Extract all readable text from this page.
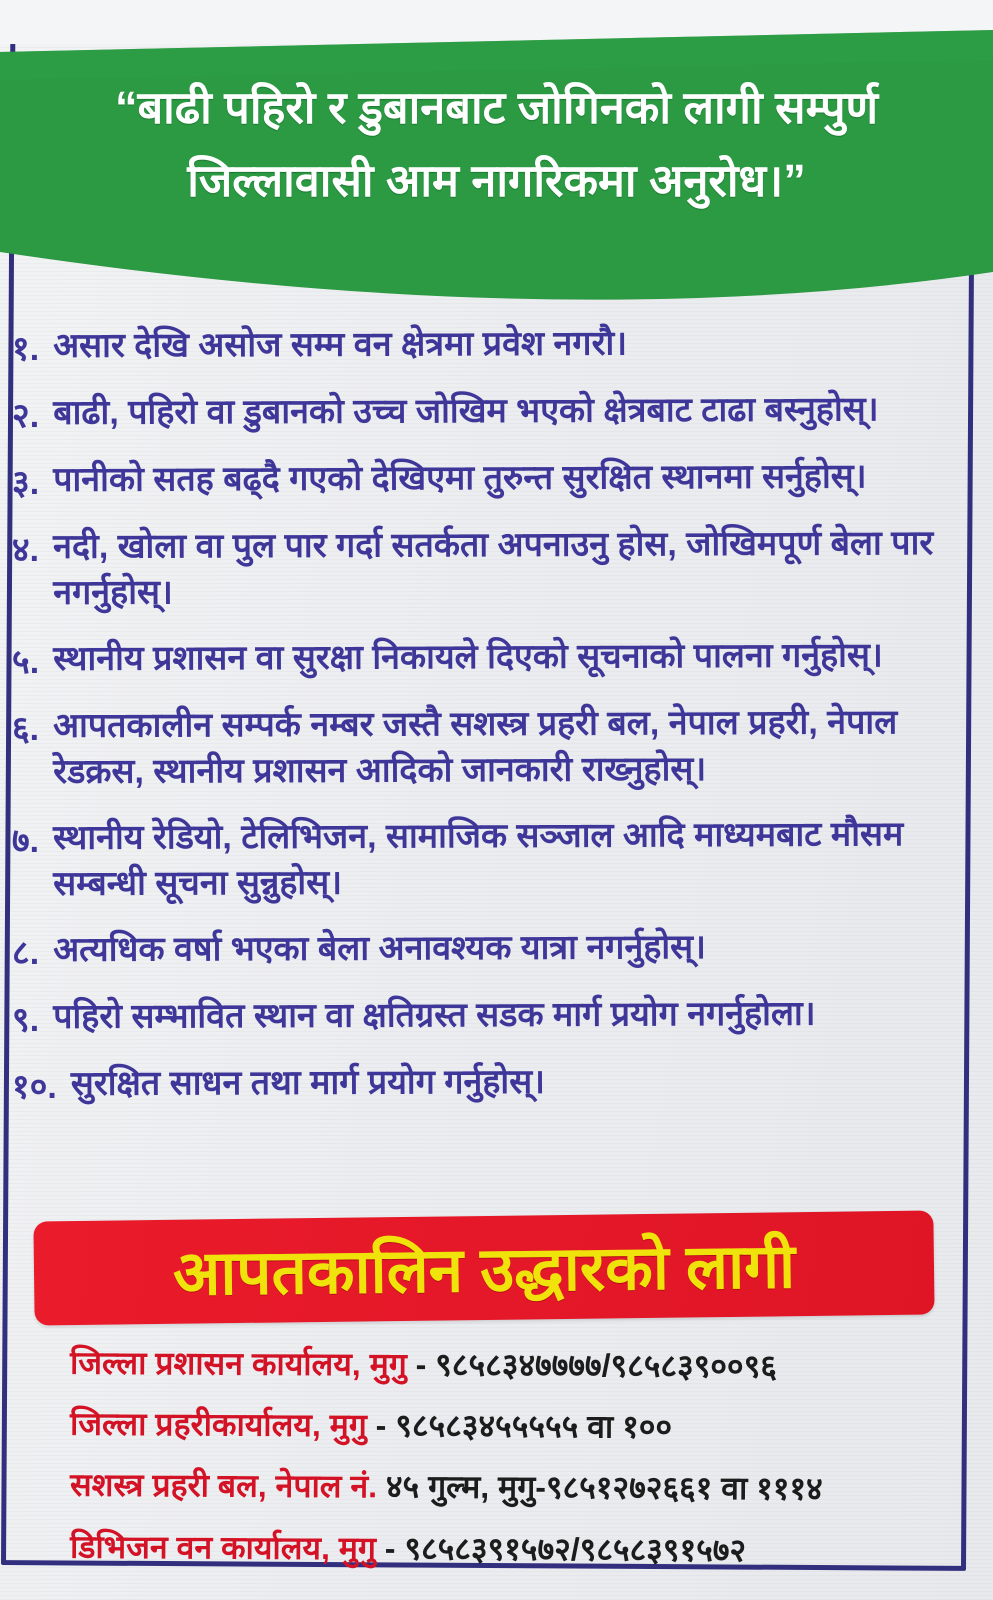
“बाढी पहिरो र डुबानबाट जोगिनको लागी सम्पुर्ण
जिल्लावासी आम नागरिकमा अनुरोध।”
१. असार देखि असोज सम्म वन क्षेत्रमा प्रवेश नगरौ।
२. बाढी, पहिरो वा डुबानको उच्च जोखिम भएको क्षेत्रबाट टाढा बस्नुहोस्।
३. पानीको सतह बढ्दै गएको देखिएमा तुरुन्त सुरक्षित स्थानमा सर्नुहोस्।
४. नदी, खोला वा पुल पार गर्दा सतर्कता अपनाउनु होस, जोखिमपूर्ण बेला पार नगर्नुहोस्।
५. स्थानीय प्रशासन वा सुरक्षा निकायले दिएको सूचनाको पालना गर्नुहोस्।
६. आपतकालीन सम्पर्क नम्बर जस्तै सशस्त्र प्रहरी बल, नेपाल प्रहरी, नेपाल रेडक्रस, स्थानीय प्रशासन आदिको जानकारी राख्नुहोस्।
७. स्थानीय रेडियो, टेलिभिजन, सामाजिक सञ्जाल आदि माध्यमबाट मौसम सम्बन्धी सूचना सुन्नुहोस्।
८. अत्यधिक वर्षा भएका बेला अनावश्यक यात्रा नगर्नुहोस्।
९. पहिरो सम्भावित स्थान वा क्षतिग्रस्त सडक मार्ग प्रयोग नगर्नुहोला।
१०. सुरक्षित साधन तथा मार्ग प्रयोग गर्नुहोस्।
आपतकालिन उद्धारको लागी
जिल्ला प्रशासन कार्यालय, मुगु - ९८५८३४७७७७/९८५८३९००९६
जिल्ला प्रहरीकार्यालय, मुगु - ९८५८३४५५५५५ वा १००
सशस्त्र प्रहरी बल, नेपाल नं. ४५ गुल्म, मुगु-९८५१२७२६६१ वा १११४
डिभिजन वन कार्यालय, मुगु - ९८५८३९१५७२/९८५८३९१५७२
